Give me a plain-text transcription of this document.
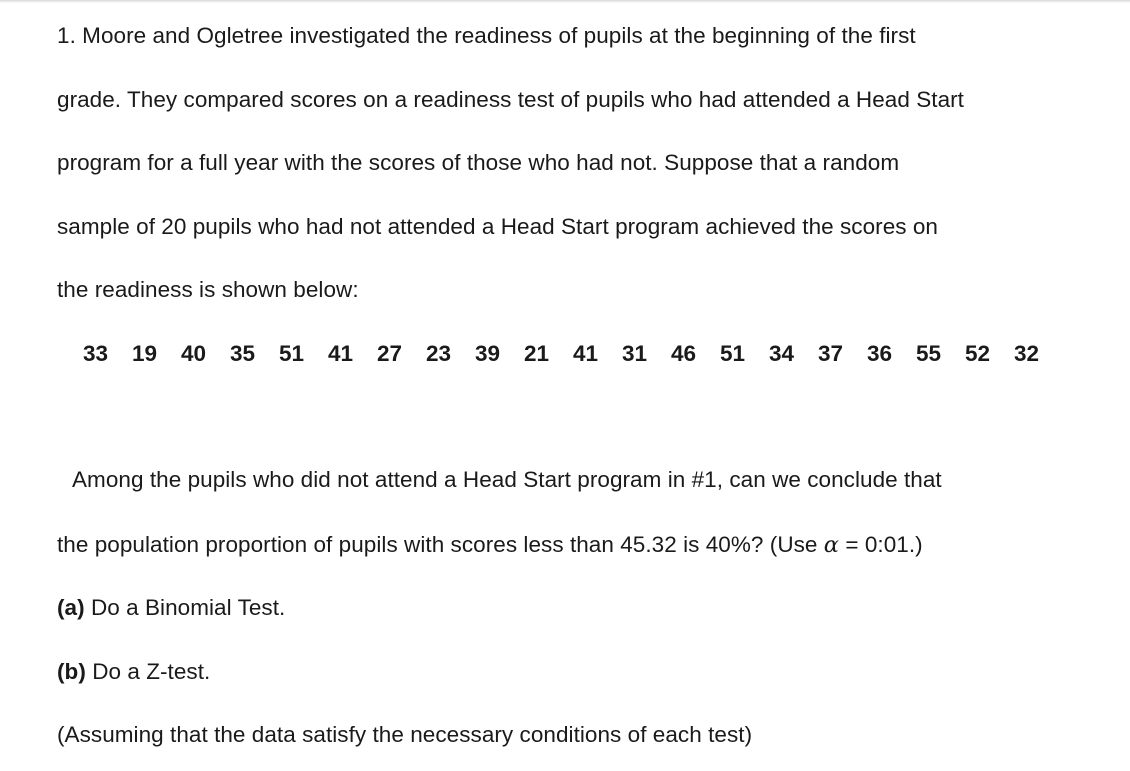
1. Moore and Ogletree investigated the readiness of pupils at the beginning of the first
grade. They compared scores on a readiness test of pupils who had attended a Head Start
program for a full year with the scores of those who had not. Suppose that a random
sample of 20 pupils who had not attended a Head Start program achieved the scores on
the readiness is shown below:
33	19	40	35	51	41	27	23	39	21	41	31	46	51	34	37	36	55	52	32
Among the pupils who did not attend a Head Start program in #1, can we conclude that
the population proportion of pupils with scores less than 45.32 is 40%? (Use α = 0:01.)
(a) Do a Binomial Test.
(b) Do a Z-test.
(Assuming that the data satisfy the necessary conditions of each test)
